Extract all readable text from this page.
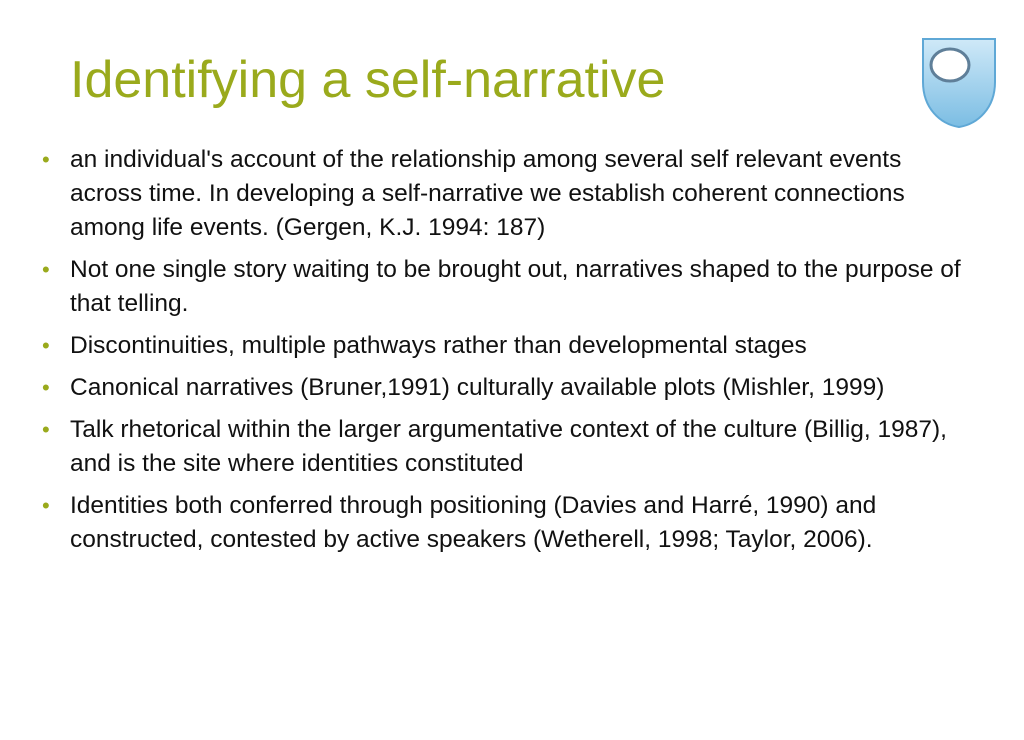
Identifying a self-narrative
• an individual's account of the relationship among several self relevant events across time. In developing a self-narrative we establish coherent connections among life events. (Gergen, K.J. 1994: 187)
• Not one single story waiting to be brought out, narratives shaped to the purpose of that telling.
• Discontinuities, multiple pathways rather than developmental stages
• Canonical narratives (Bruner,1991) culturally available plots (Mishler, 1999)
• Talk rhetorical within the larger argumentative context of the culture (Billig, 1987), and is the site where identities constituted
• Identities both conferred through positioning (Davies and Harré, 1990) and constructed, contested by active speakers (Wetherell, 1998; Taylor, 2006).
